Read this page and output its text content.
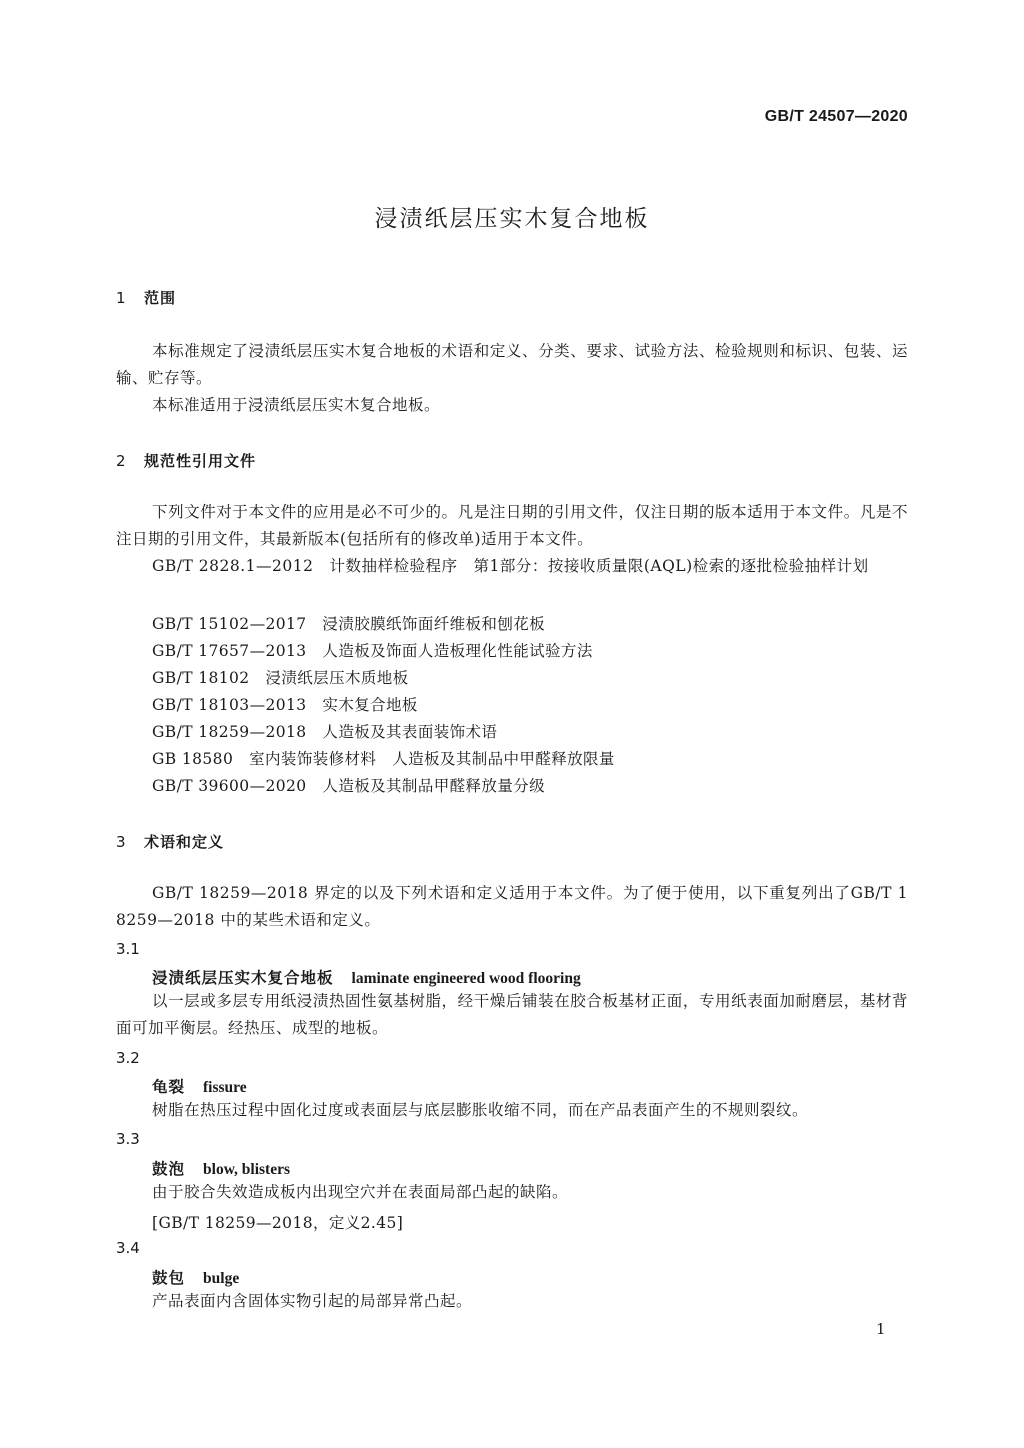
GB/T 24507—2020
浸渍纸层压实木复合地板
1 范围
本标准规定了浸渍纸层压实木复合地板的术语和定义、分类、要求、试验方法、检验规则和标识、包装、运输、贮存等。
本标准适用于浸渍纸层压实木复合地板。
2 规范性引用文件
下列文件对于本文件的应用是必不可少的。凡是注日期的引用文件，仅注日期的版本适用于本文件。凡是不注日期的引用文件，其最新版本(包括所有的修改单)适用于本文件。
GB/T 2828.1—2012　 计数抽样检验程序　第1部分：按接收质量限(AQL)检索的逐批检验抽样计划
GB/T 15102—2017　 浸渍胶膜纸饰面纤维板和刨花板
GB/T 17657—2013　 人造板及饰面人造板理化性能试验方法
GB/T 18102　 浸渍纸层压木质地板
GB/T 18103—2013　 实木复合地板
GB/T 18259—2018　 人造板及其表面装饰术语
GB 18580　 室内装饰装修材料　人造板及其制品中甲醛释放限量
GB/T 39600—2020　 人造板及其制品甲醛释放量分级
3 术语和定义
GB/T 18259—2018 界定的以及下列术语和定义适用于本文件。为了便于使用，以下重复列出了GB/T 18259—2018 中的某些术语和定义。
3.1
浸渍纸层压实木复合地板 laminate engineered wood flooring
以一层或多层专用纸浸渍热固性氨基树脂，经干燥后铺装在胶合板基材正面，专用纸表面加耐磨层，基材背面可加平衡层。经热压、成型的地板。
3.2
龟裂 fissure
树脂在热压过程中固化过度或表面层与底层膨胀收缩不同，而在产品表面产生的不规则裂纹。
3.3
鼓泡 blow, blisters
由于胶合失效造成板内出现空穴并在表面局部凸起的缺陷。
[GB/T 18259—2018，定义2.45]
3.4
鼓包 bulge
产品表面内含固体实物引起的局部异常凸起。
1
